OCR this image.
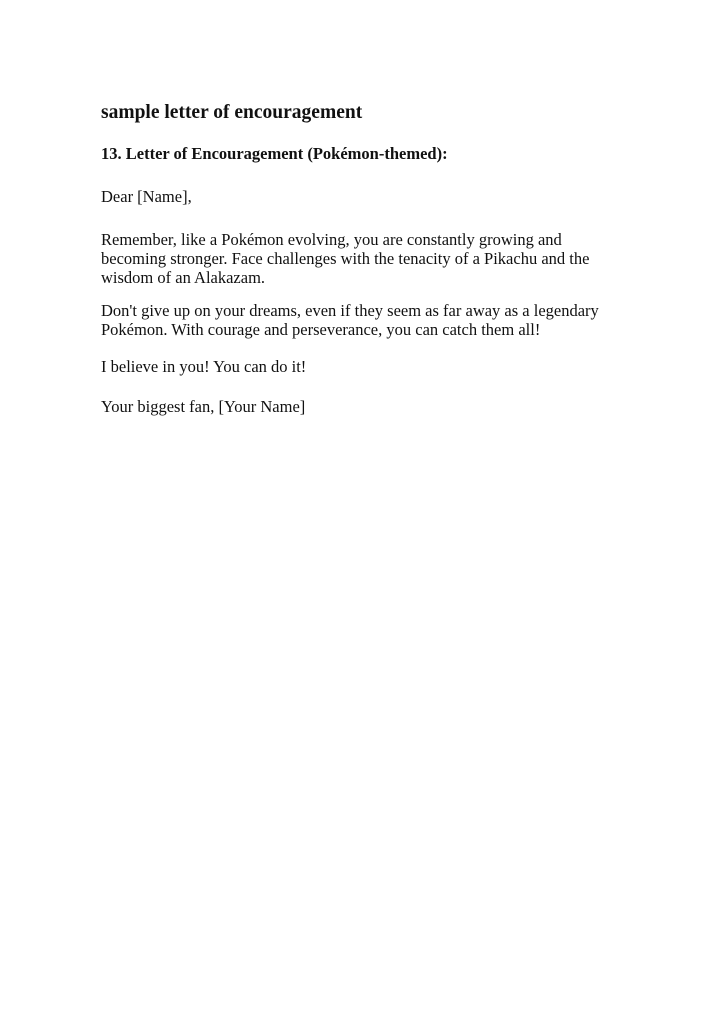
sample letter of encouragement
13. Letter of Encouragement (Pokémon-themed):

Dear [Name],

Remember, like a Pokémon evolving, you are constantly growing and
becoming stronger. Face challenges with the tenacity of a Pikachu and the
wisdom of an Alakazam.

Don't give up on your dreams, even if they seem as far away as a legendary
Pokémon. With courage and perseverance, you can catch them all!

I believe in you! You can do it!

Your biggest fan, [Your Name]
